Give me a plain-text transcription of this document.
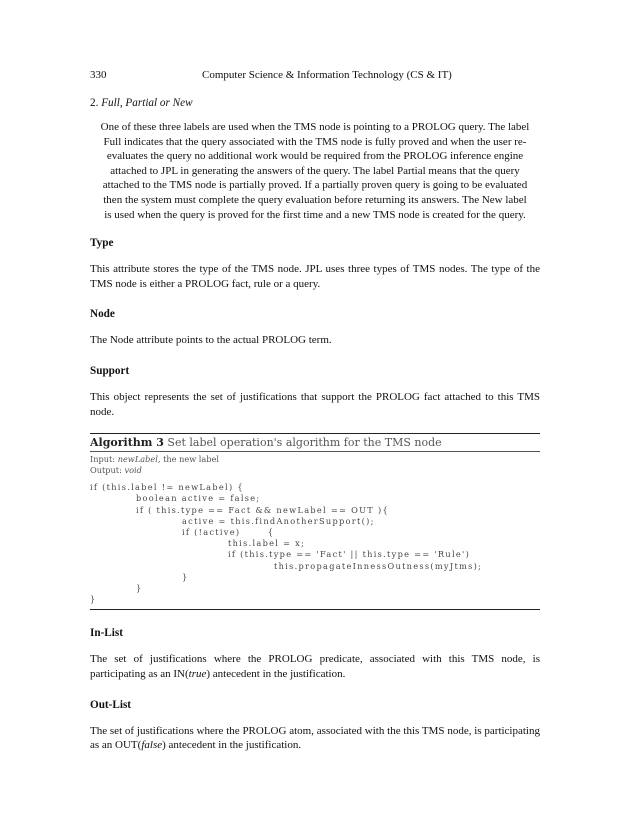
330	Computer Science & Information Technology (CS & IT)
2. Full, Partial or New

One of these three labels are used when the TMS node is pointing to a PROLOG query. The label
Full indicates that the query associated with the TMS node is fully proved and when the user re-
evaluates the query no additional work would be required from the PROLOG inference engine
attached to JPL in generating the answers of the query. The label Partial means that the query
attached to the TMS node is partially proved. If a partially proven query is going to be evaluated
then the system must complete the query evaluation before returning its answers. The New label
is used when the query is proved for the first time and a new TMS node is created for the query.

Type

This attribute stores the type of the TMS node. JPL uses three types of TMS nodes. The type of the TMS node is either a PROLOG fact, rule or a query.

Node

The Node attribute points to the actual PROLOG term.

Support

This object represents the set of justifications that support the PROLOG fact attached to this TMS node.

Algorithm 3 Set label operation's algorithm for the TMS node
Input: newLabel, the new label
Output: void
if (this.label != newLabel) {
boolean active = false;
if ( this.type == Fact && newLabel == OUT ){
active = this.findAnotherSupport();
if (!active)       {
this.label = x;
if (this.type == 'Fact' || this.type == 'Rule')
this.propagateInnessOutness(myJtms);
}
}
}
In-List

The set of justifications where the PROLOG predicate, associated with this TMS node, is participating as an IN(true) antecedent in the justification.

Out-List

The set of justifications where the PROLOG atom, associated with the this TMS node, is participating as an OUT(false) antecedent in the justification.
